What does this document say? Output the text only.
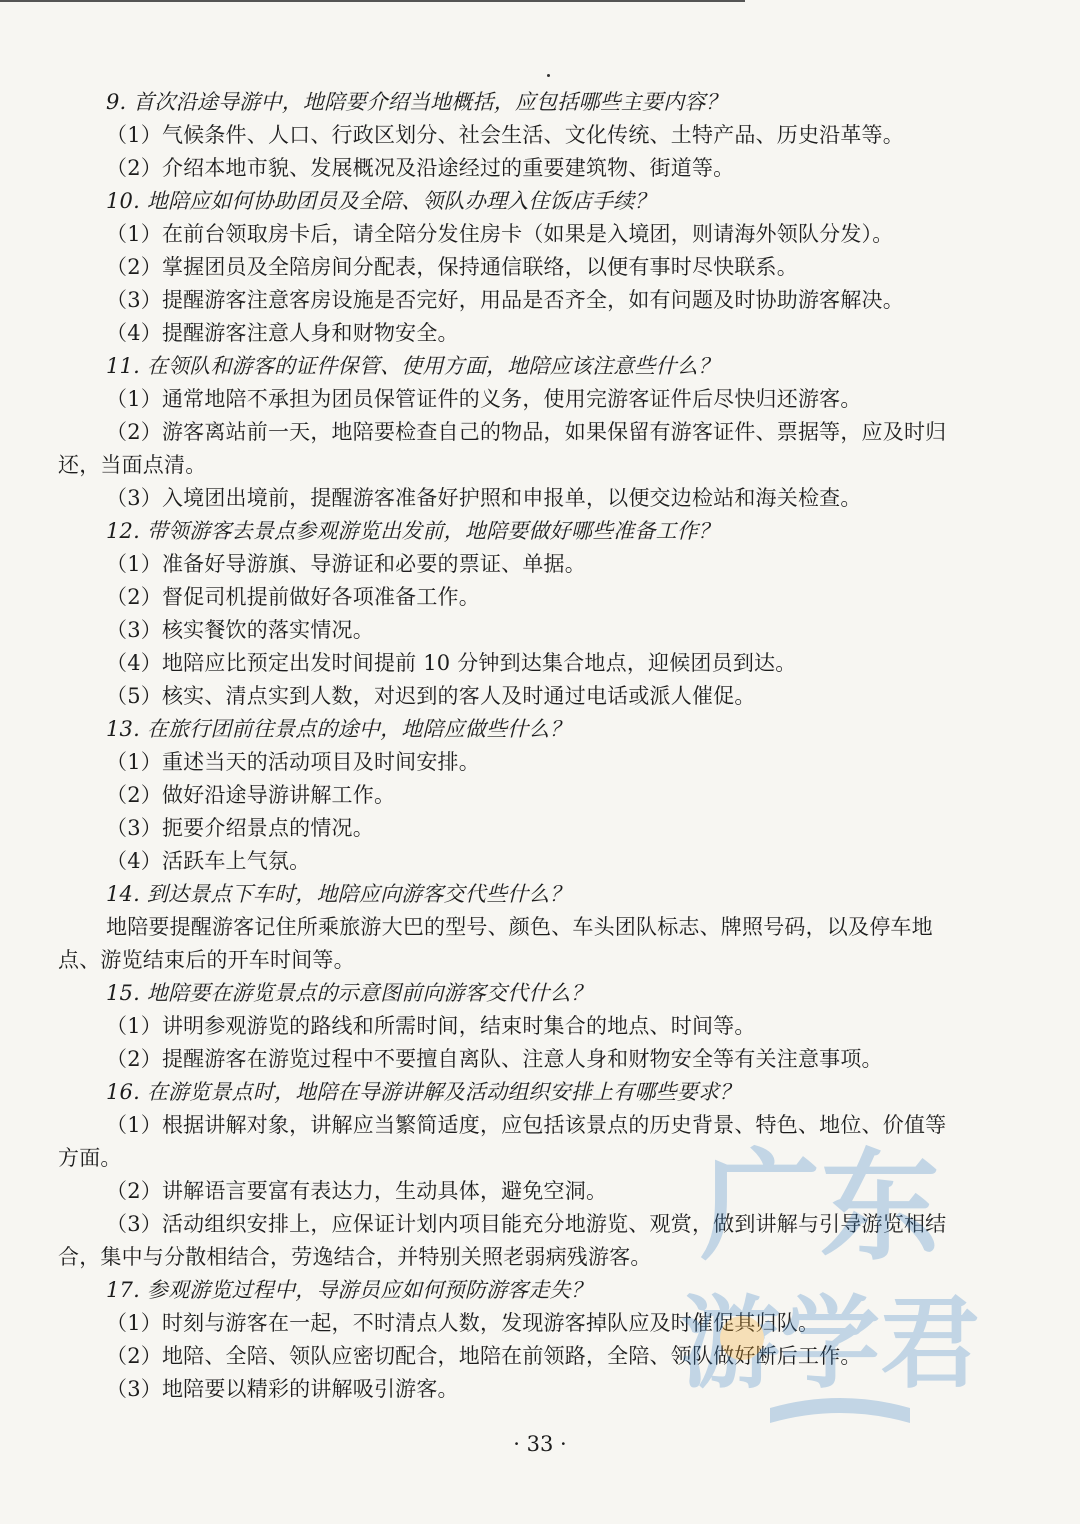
9. 首次沿途导游中，地陪要介绍当地概括，应包括哪些主要内容？
（1）气候条件、人口、行政区划分、社会生活、文化传统、土特产品、历史沿革等。
（2）介绍本地市貌、发展概况及沿途经过的重要建筑物、街道等。
10. 地陪应如何协助团员及全陪、领队办理入住饭店手续？
（1）在前台领取房卡后，请全陪分发住房卡（如果是入境团，则请海外领队分发）。
（2）掌握团员及全陪房间分配表，保持通信联络，以便有事时尽快联系。
（3）提醒游客注意客房设施是否完好，用品是否齐全，如有问题及时协助游客解决。
（4）提醒游客注意人身和财物安全。
11. 在领队和游客的证件保管、使用方面，地陪应该注意些什么？
（1）通常地陪不承担为团员保管证件的义务，使用完游客证件后尽快归还游客。
（2）游客离站前一天，地陪要检查自己的物品，如果保留有游客证件、票据等，应及时归
还，当面点清。
（3）入境团出境前，提醒游客准备好护照和申报单，以便交边检站和海关检查。
12. 带领游客去景点参观游览出发前，地陪要做好哪些准备工作？
（1）准备好导游旗、导游证和必要的票证、单据。
（2）督促司机提前做好各项准备工作。
（3）核实餐饮的落实情况。
（4）地陪应比预定出发时间提前 10 分钟到达集合地点，迎候团员到达。
（5）核实、清点实到人数，对迟到的客人及时通过电话或派人催促。
13. 在旅行团前往景点的途中，地陪应做些什么？
（1）重述当天的活动项目及时间安排。
（2）做好沿途导游讲解工作。
（3）扼要介绍景点的情况。
（4）活跃车上气氛。
14. 到达景点下车时，地陪应向游客交代些什么？
地陪要提醒游客记住所乘旅游大巴的型号、颜色、车头团队标志、牌照号码，以及停车地
点、游览结束后的开车时间等。
15. 地陪要在游览景点的示意图前向游客交代什么？
（1）讲明参观游览的路线和所需时间，结束时集合的地点、时间等。
（2）提醒游客在游览过程中不要擅自离队、注意人身和财物安全等有关注意事项。
16. 在游览景点时，地陪在导游讲解及活动组织安排上有哪些要求？
（1）根据讲解对象，讲解应当繁简适度，应包括该景点的历史背景、特色、地位、价值等
方面。
（2）讲解语言要富有表达力，生动具体，避免空洞。
（3）活动组织安排上，应保证计划内项目能充分地游览、观赏，做到讲解与引导游览相结
合，集中与分散相结合，劳逸结合，并特别关照老弱病残游客。
17. 参观游览过程中，导游员应如何预防游客走失？
（1）时刻与游客在一起，不时清点人数，发现游客掉队应及时催促其归队。
（2）地陪、全陪、领队应密切配合，地陪在前领路，全陪、领队做好断后工作。
（3）地陪要以精彩的讲解吸引游客。
· 33 ·
广东
游学君
